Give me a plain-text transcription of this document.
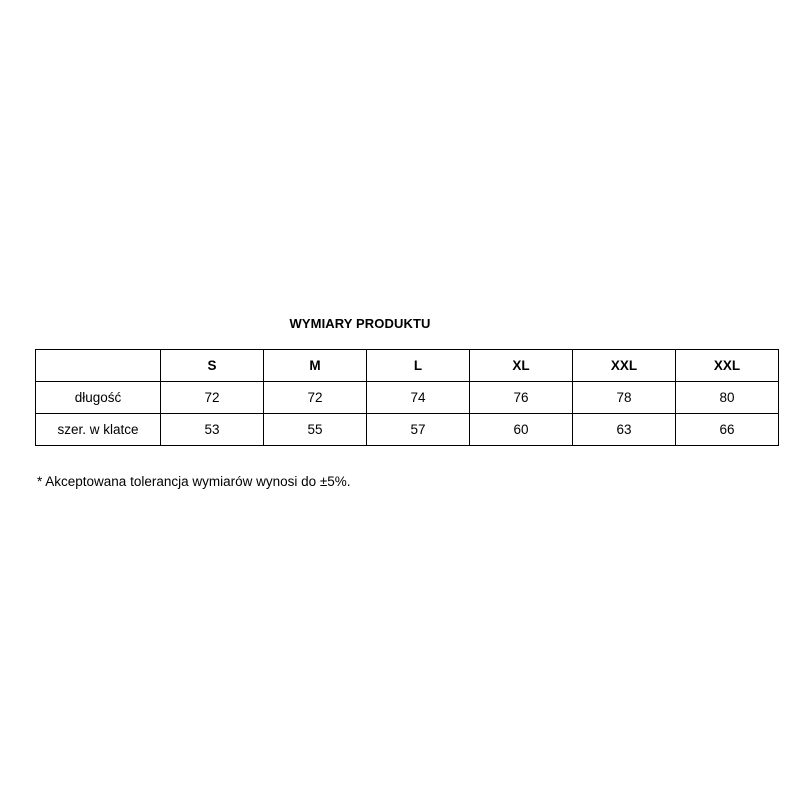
WYMIARY PRODUKTU
	S	M	L	XL	XXL	XXL
długość	72	72	74	76	78	80
szer. w klatce	53	55	57	60	63	66
* Akceptowana tolerancja wymiarów wynosi do ±5%.
